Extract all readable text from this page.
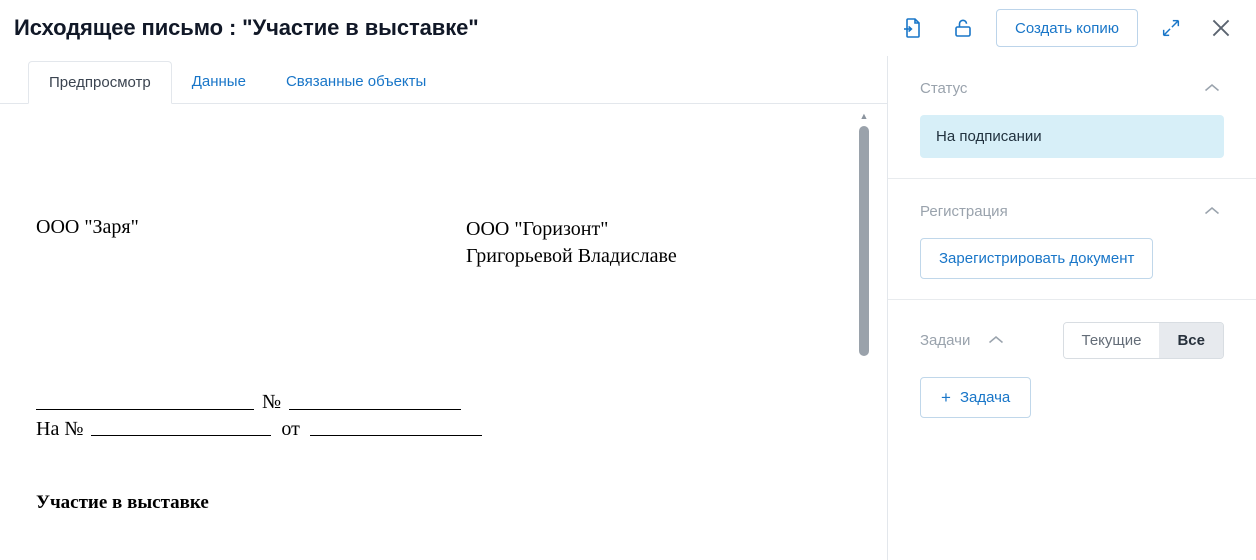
Исходящее письмо : "Участие в выставке"	Создать копию
Предпросмотр	Данные	Связанные объекты
ООО "Заря"	ООО "Горизонт"
Григорьевой Владиславе
№
На №	от
Участие в выставке
▲
Статус
На подписании
Регистрация
Зарегистрировать документ
Задачи	Текущие	Все
+ Задача
